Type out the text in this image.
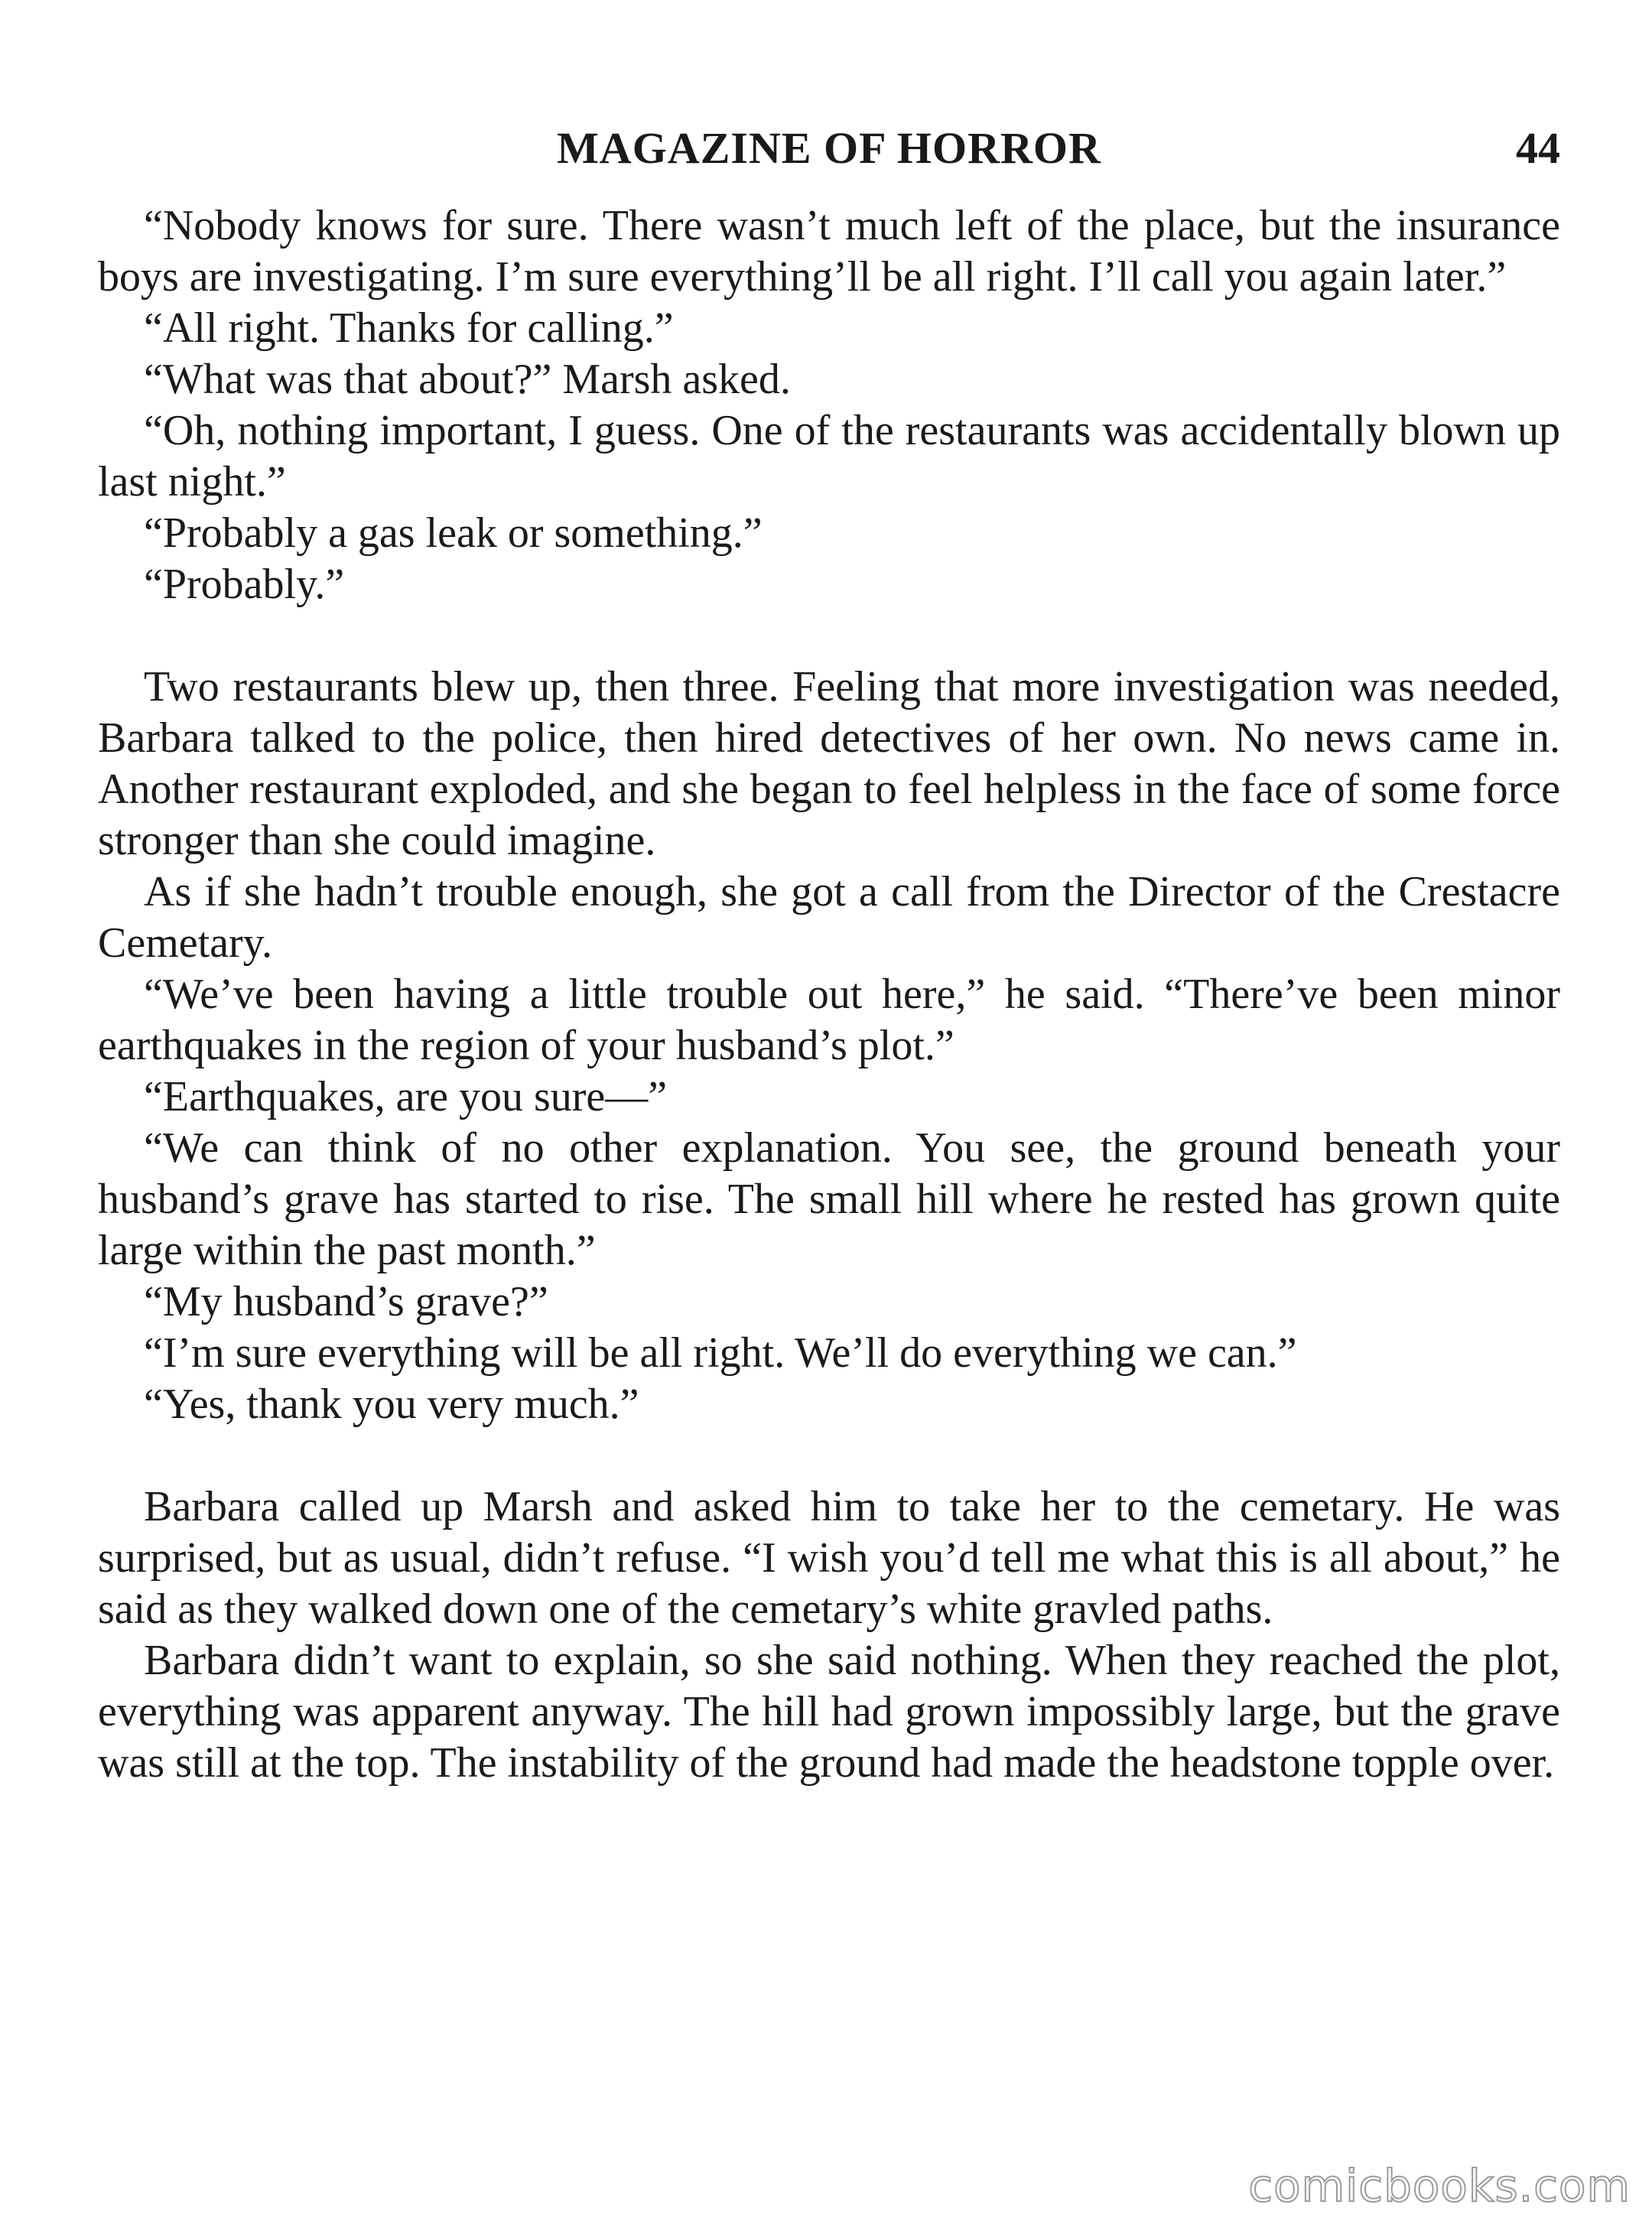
MAGAZINE OF HORROR	44

“Nobody knows for sure. There wasn’t much left of the place, but the insurance boys are investigating. I’m sure everything’ll be all right. I’ll call you again later.”

“All right. Thanks for calling.”

“What was that about?” Marsh asked.

“Oh, nothing important, I guess. One of the restaurants was accidentally blown up last night.”

“Probably a gas leak or something.”

“Probably.”

Two restaurants blew up, then three. Feeling that more investigation was needed, Barbara talked to the police, then hired detectives of her own. No news came in. Another restaurant exploded, and she began to feel helpless in the face of some force stronger than she could imagine.

As if she hadn’t trouble enough, she got a call from the Director of the Crestacre Cemetary.

“We’ve been having a little trouble out here,” he said. “There’ve been minor earthquakes in the region of your husband’s plot.”

“Earthquakes, are you sure—”

“We can think of no other explanation. You see, the ground beneath your husband’s grave has started to rise. The small hill where he rested has grown quite large within the past month.”

“My husband’s grave?”

“I’m sure everything will be all right. We’ll do everything we can.”

“Yes, thank you very much.”

Barbara called up Marsh and asked him to take her to the cemetary. He was surprised, but as usual, didn’t refuse. “I wish you’d tell me what this is all about,” he said as they walked down one of the cemetary’s white gravled paths.

Barbara didn’t want to explain, so she said nothing. When they reached the plot, everything was apparent anyway. The hill had grown impossibly large, but the grave was still at the top. The instability of the ground had made the headstone topple over.

comicbooks.com
